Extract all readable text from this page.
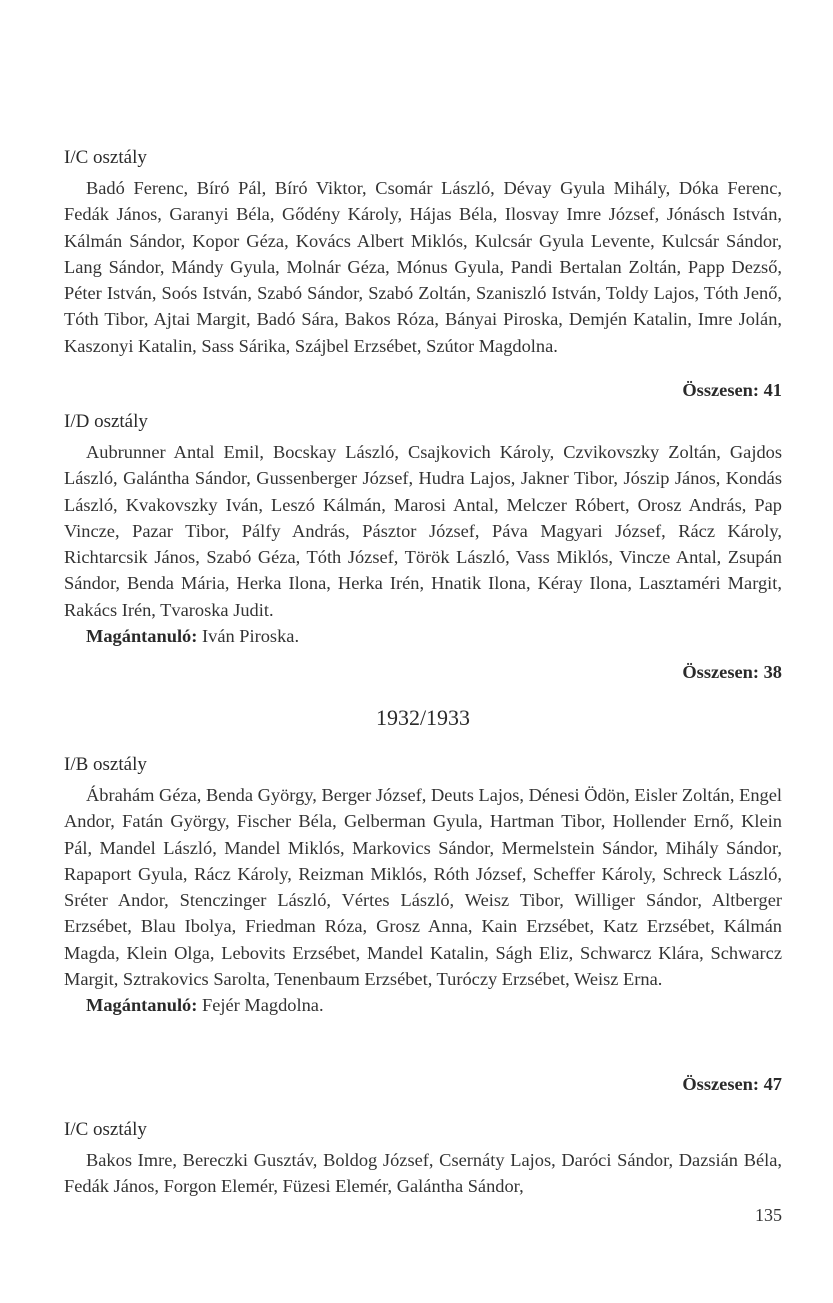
I/C osztály

Badó Ferenc, Bíró Pál, Bíró Viktor, Csomár László, Dévay Gyula Mihály, Dóka Ferenc, Fedák János, Garanyi Béla, Gődény Károly, Hájas Béla, Ilosvay Imre József, Jónásch István, Kálmán Sándor, Kopor Géza, Kovács Albert Miklós, Kulcsár Gyula Levente, Kulcsár Sándor, Lang Sándor, Mándy Gyula, Molnár Géza, Mónus Gyula, Pandi Bertalan Zoltán, Papp Dezső, Péter István, Soós István, Szabó Sándor, Szabó Zoltán, Szaniszló István, Toldy Lajos, Tóth Jenő, Tóth Tibor, Ajtai Margit, Badó Sára, Bakos Róza, Bányai Piroska, Demjén Katalin, Imre Jolán, Kaszonyi Katalin, Sass Sárika, Szájbel Erzsébet, Szútor Magdolna.

Összesen: 41

I/D osztály

Aubrunner Antal Emil, Bocskay László, Csajkovich Károly, Czvikovszky Zoltán, Gajdos László, Galántha Sándor, Gussenberger József, Hudra Lajos, Jakner Tibor, Jószip János, Kondás László, Kvakovszky Iván, Leszó Kálmán, Marosi Antal, Melczer Róbert, Orosz András, Pap Vincze, Pazar Tibor, Pálfy András, Pásztor József, Páva Magyari József, Rácz Károly, Richtarcsik János, Szabó Géza, Tóth József, Török László, Vass Miklós, Vincze Antal, Zsupán Sándor, Benda Mária, Herka Ilona, Herka Irén, Hnatik Ilona, Kéray Ilona, Lasztaméri Margit, Rakács Irén, Tvaroska Judit.

Magántanuló: Iván Piroska.

Összesen: 38
1932/1933

I/B osztály

Ábrahám Géza, Benda György, Berger József, Deuts Lajos, Dénesi Ödön, Eisler Zoltán, Engel Andor, Fatán György, Fischer Béla, Gelberman Gyula, Hartman Tibor, Hollender Ernő, Klein Pál, Mandel László, Mandel Miklós, Markovics Sándor, Mermelstein Sándor, Mihály Sándor, Rapaport Gyula, Rácz Károly, Reizman Miklós, Róth József, Scheffer Károly, Schreck László, Sréter Andor, Stenczinger László, Vértes László, Weisz Tibor, Williger Sándor, Altberger Erzsébet, Blau Ibolya, Friedman Róza, Grosz Anna, Kain Erzsébet, Katz Erzsébet, Kálmán Magda, Klein Olga, Lebovits Erzsébet, Mandel Katalin, Ságh Eliz, Schwarcz Klára, Schwarcz Margit, Sztrakovics Sarolta, Tenenbaum Erzsébet, Turóczy Erzsébet, Weisz Erna.

Magántanuló: Fejér Magdolna.

Összesen: 47

I/C osztály

Bakos Imre, Bereczki Gusztáv, Boldog József, Csernáty Lajos, Daróci Sándor, Dazsián Béla, Fedák János, Forgon Elemér, Füzesi Elemér, Galántha Sándor,

135
